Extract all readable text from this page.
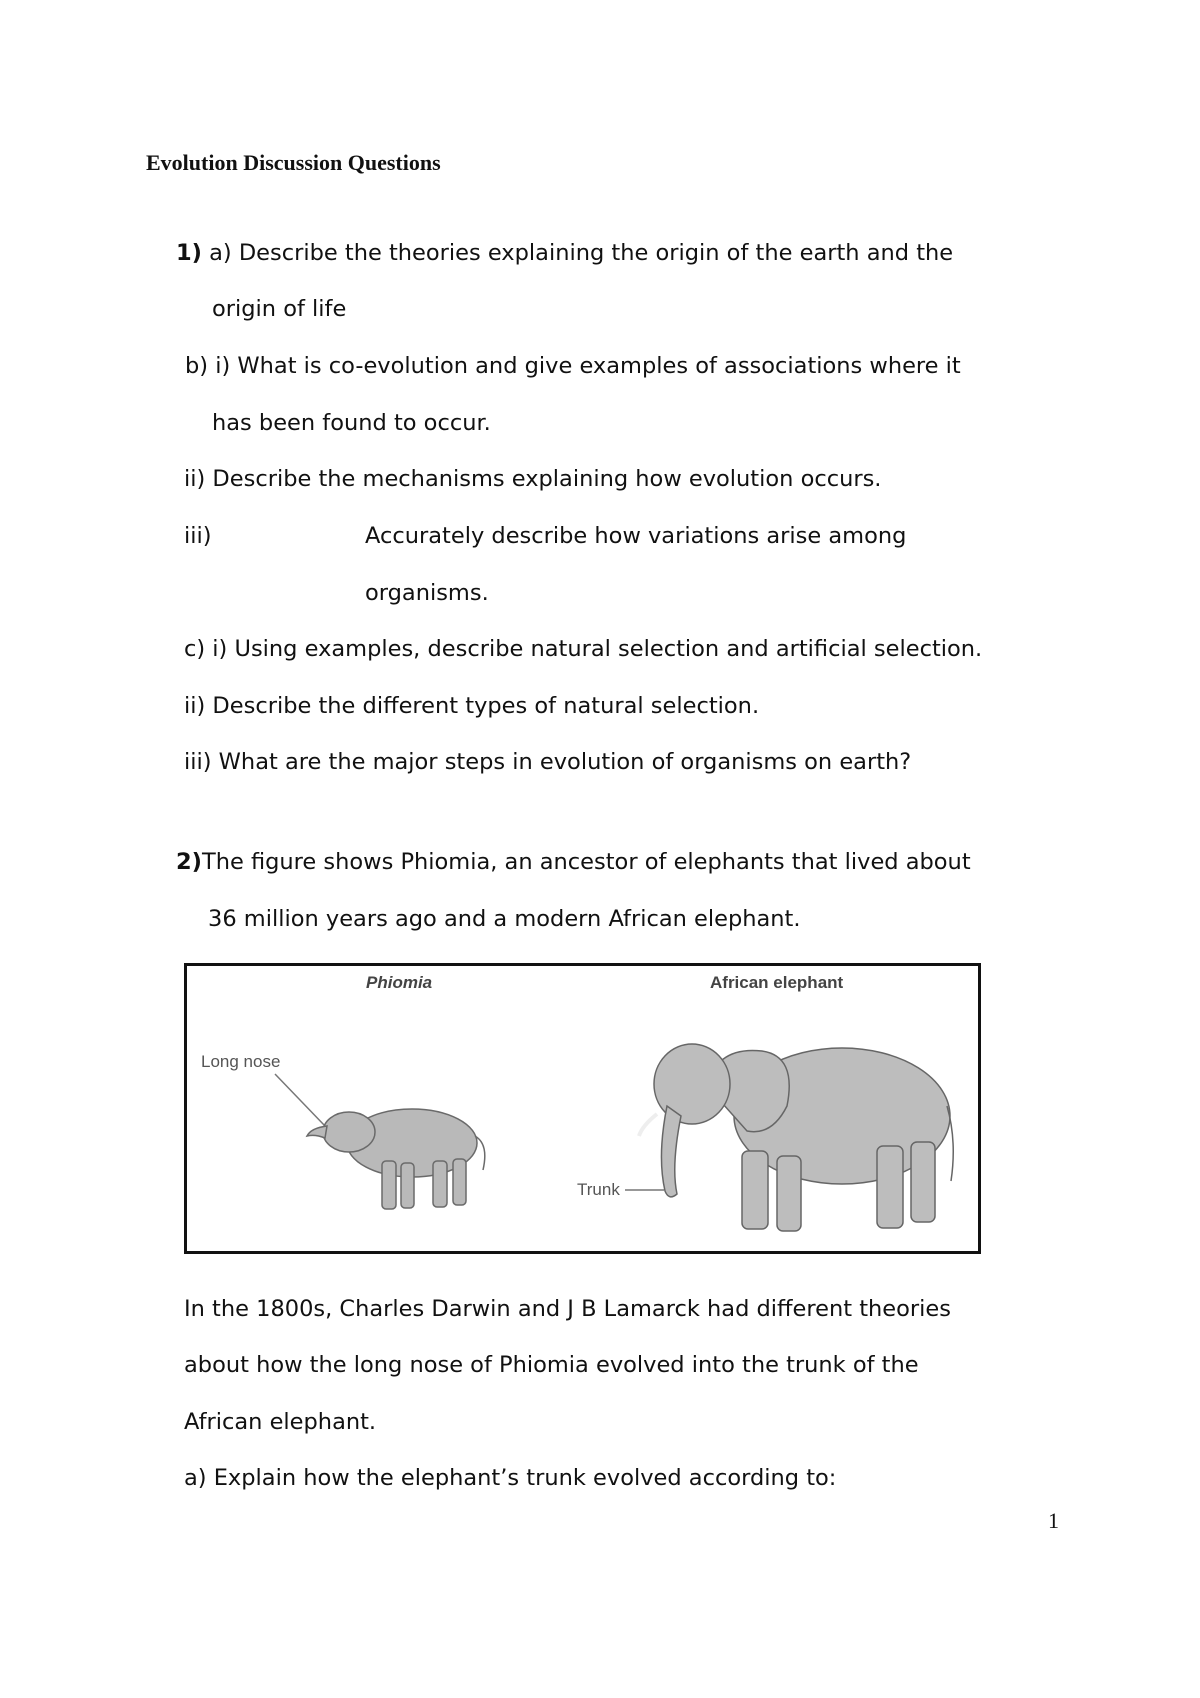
Evolution Discussion Questions
1) a) Describe the theories explaining the origin of the earth and the
origin of life
b) i) What is co-evolution and give examples of associations where it
has been found to occur.
ii) Describe the mechanisms explaining how evolution occurs.
iii)	Accurately describe how variations arise among
organisms.
c) i) Using examples, describe natural selection and artificial selection.
ii) Describe the different types of natural selection.
iii) What are the major steps in evolution of organisms on earth?
2)The figure shows Phiomia, an ancestor of elephants that lived about
36 million years ago and a modern African elephant.
Phiomia	African elephant
Long nose
Trunk
In the 1800s, Charles Darwin and J B Lamarck had different theories
about how the long nose of Phiomia evolved into the trunk of the
African elephant.
a) Explain how the elephant’s trunk evolved according to:
1
